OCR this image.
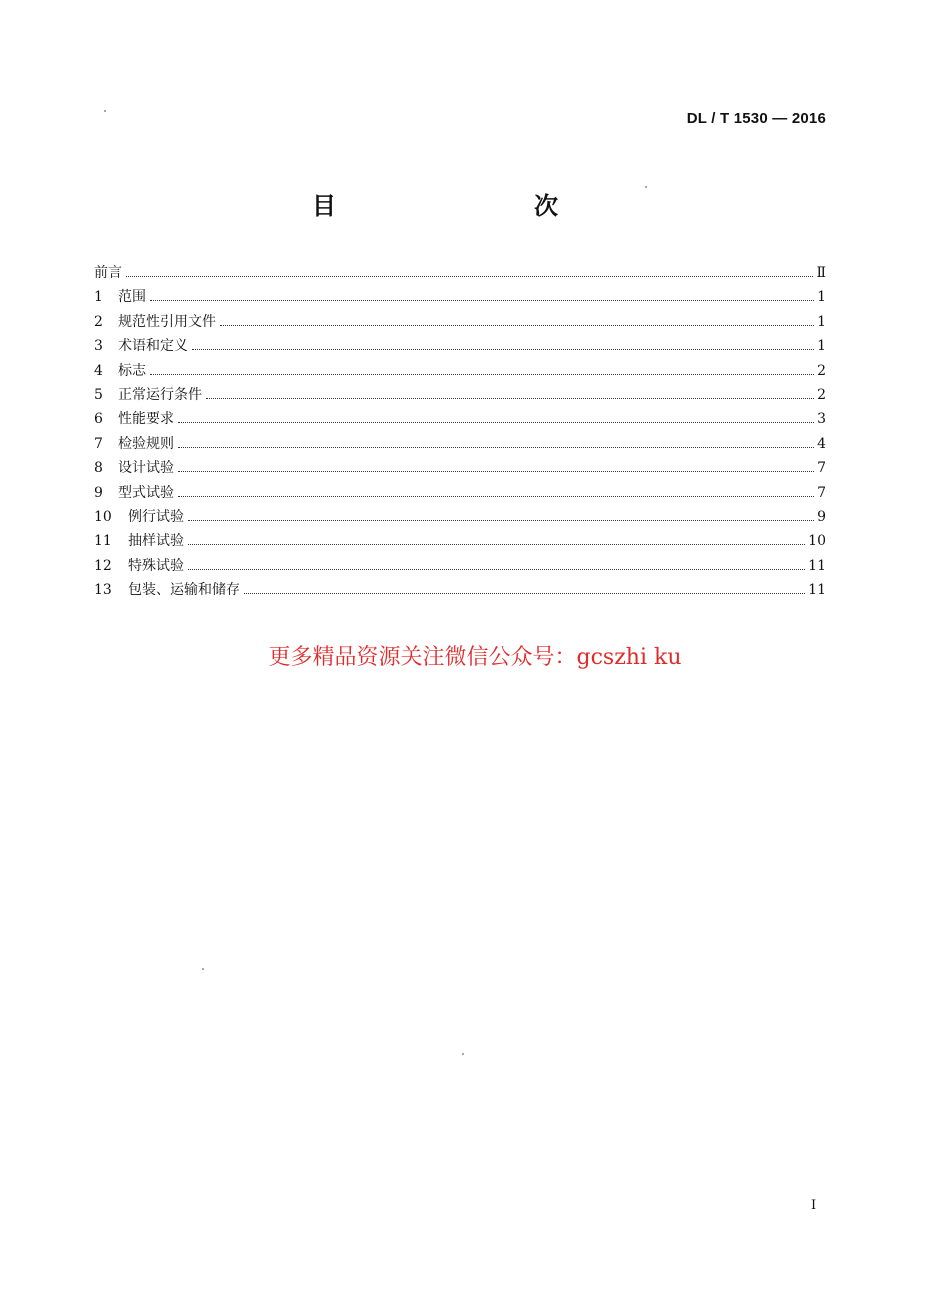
DL / T 1530 — 2016
目　　次
前言	Ⅱ
1	范围	1
2	规范性引用文件	1
3	术语和定义	1
4	标志	2
5	正常运行条件	2
6	性能要求	3
7	检验规则	4
8	设计试验	7
9	型式试验	7
10	例行试验	9
11	抽样试验	10
12	特殊试验	11
13	包装、运输和储存	11
更多精品资源关注微信公众号：gcszhi ku
I
